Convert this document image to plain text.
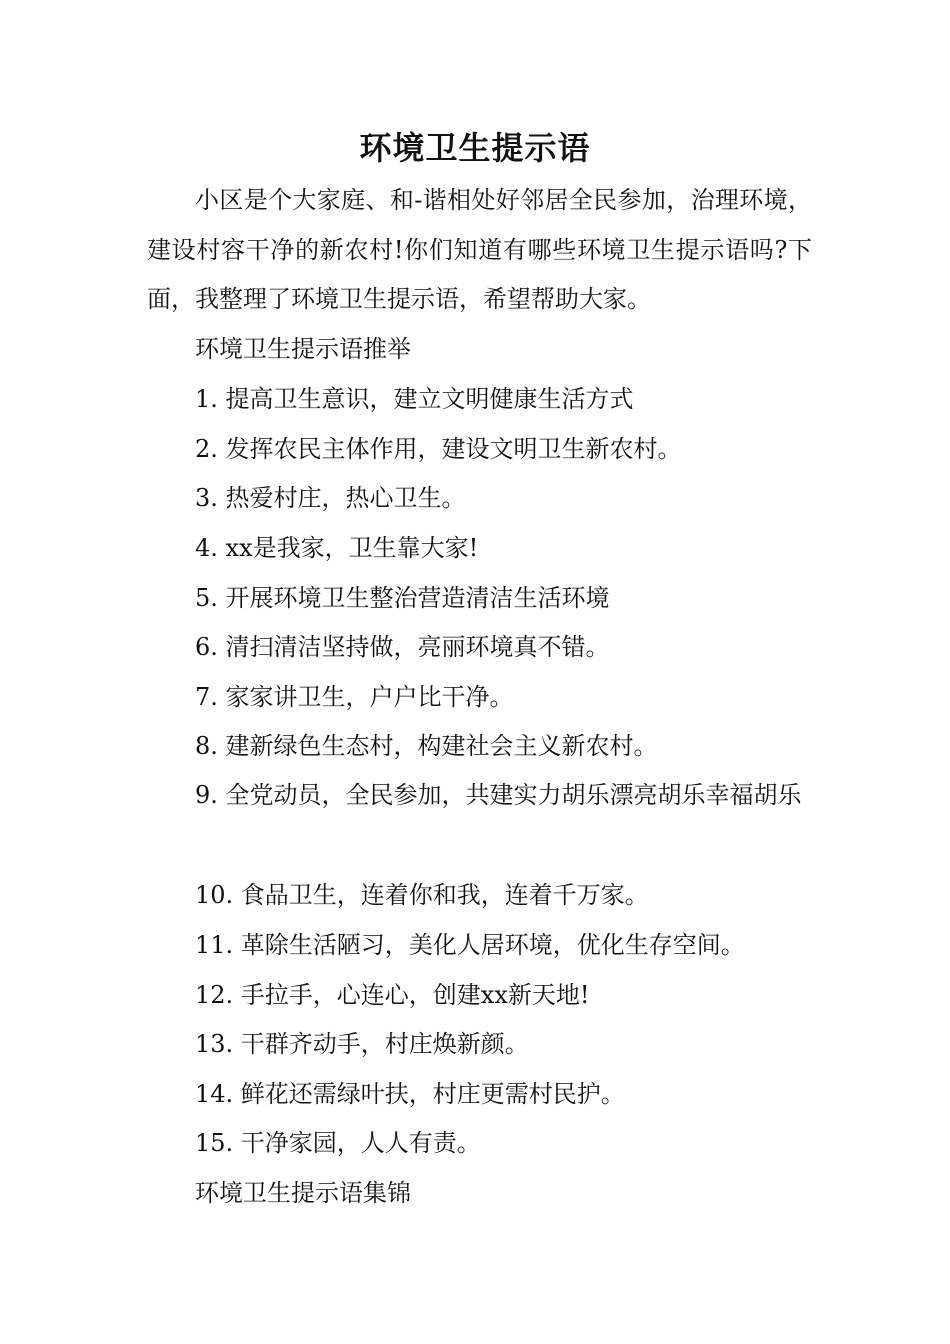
环境卫生提示语

小区是个大家庭、和-谐相处好邻居全民参加，治理环境，建设村容干净的新农村!你们知道有哪些环境卫生提示语吗?下面，我整理了环境卫生提示语，希望帮助大家。

环境卫生提示语推举

1. 提高卫生意识，建立文明健康生活方式

2. 发挥农民主体作用，建设文明卫生新农村。

3. 热爱村庄，热心卫生。

4. xx是我家，卫生靠大家!

5. 开展环境卫生整治营造清洁生活环境

6. 清扫清洁坚持做，亮丽环境真不错。

7. 家家讲卫生，户户比干净。

8. 建新绿色生态村，构建社会主义新农村。

9. 全党动员，全民参加，共建实力胡乐漂亮胡乐幸福胡乐

10. 食品卫生，连着你和我，连着千万家。

11. 革除生活陋习，美化人居环境，优化生存空间。

12. 手拉手，心连心，创建xx新天地!

13. 干群齐动手，村庄焕新颜。

14. 鲜花还需绿叶扶，村庄更需村民护。

15. 干净家园，人人有责。

环境卫生提示语集锦
